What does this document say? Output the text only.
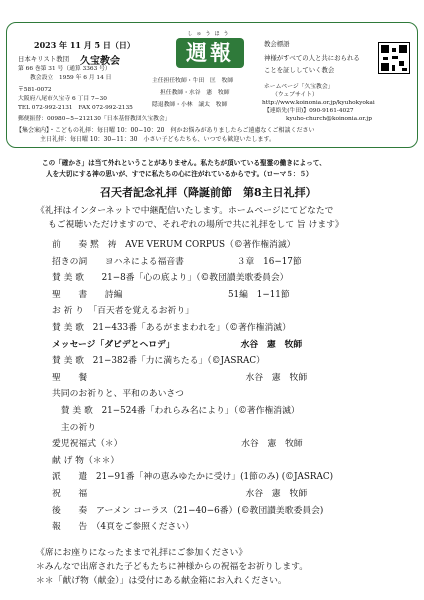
2023 年 11 月 5 日（日）
日本キリスト教団 久宝教会
第 66 巻第 31 号（通算 3363 号）
教会設立　1959 年 6 月 14 日
〒581-0072
大阪府八尾市久宝寺 6 丁目 7−30
TEL 072-992-2131　FAX 072-992-2135
郵便振替：00980−5−212130「日本基督教団久宝教会」
しゅうほう
週報
主任担任牧師・牛田　匡　牧師
担任教師・水谷　憲　牧師
隠退教師・小林　譲太　牧師
教会標語
神様がすべての人と共におられる
ことを証ししていく教会
ホームページ「久宝教会」
（ウェブサイト）
http://www.koinonia.or.jp/kyuhokyokai
【連絡先(牛田)】090-9161-4027
kyuho-church@koinonia.or.jp
【集会案内】・こどもの礼拝：毎日曜 10：00−10：20　何かお悩みがありましたらご遠慮なくご相談ください
主日礼拝：毎日曜 10：30−11：30　小さい子どもたちも、いつでも歓迎いたします。
この「確かさ」は当て外れということがありません。私たちが頂いている聖霊の働きによって、
人を大切にする神の思いが、すでに私たちの心に注がれているからです。（ローマ５：５）
召天者記念礼拝（降誕前節　第8主日礼拝）
《礼拝はインターネットで中継配信いたします。ホームページにてどなたで
もご視聴いただけますので、それぞれの場所で共に礼拝をして 旨 けます》
前　　奏 黙　祷　AVE VERUM CORPUS（©著作権消滅）
招きの詞　　ヨハネによる福音書　　　　　　３章　16−17節
賛 美 歌　　21−8番「心の底より」（©教団讃美歌委員会）
聖　　書　　詩編　　　　　　　　　　　　51編　1−11節
お 祈 り　「百天者を覚えるお祈り」
賛 美 歌　21−433番「あるがままわれを」（©著作権消滅）
メッセージ「ダビデとヘロデ」　　　　　　　　水谷　憲　牧師
賛 美 歌　21−382番「力に満ちたる」（©JASRAC）
聖　　餐　　　　　　　　　　　　　　　　　　水谷　憲　牧師
共同のお祈りと、平和のあいさつ
　賛 美 歌　21−524番「われらみ名により」（©著作権消滅）
　主の祈り
愛児祝福式（＊）　　　　　　　　　　　　　　水谷　憲　牧師
献 げ 物（＊＊）
派　　遣　21−91番「神の恵みゆたかに受け」(1節のみ) (©JASRAC)
祝　　福　　　　　　　　　　　　　　　　　　水谷　憲　牧師
後　　奏　アーメン コーラス（21−40−6番）(©教団讃美歌委員会)
報　　告　（4頁をご参照ください）
《席にお座りになったままで礼拝にご参加ください》
＊みんなで出席された子どもたちに神様からの祝福をお祈りします。
＊＊「献げ物（献金）」は受付にある献金箱にお入れください。
